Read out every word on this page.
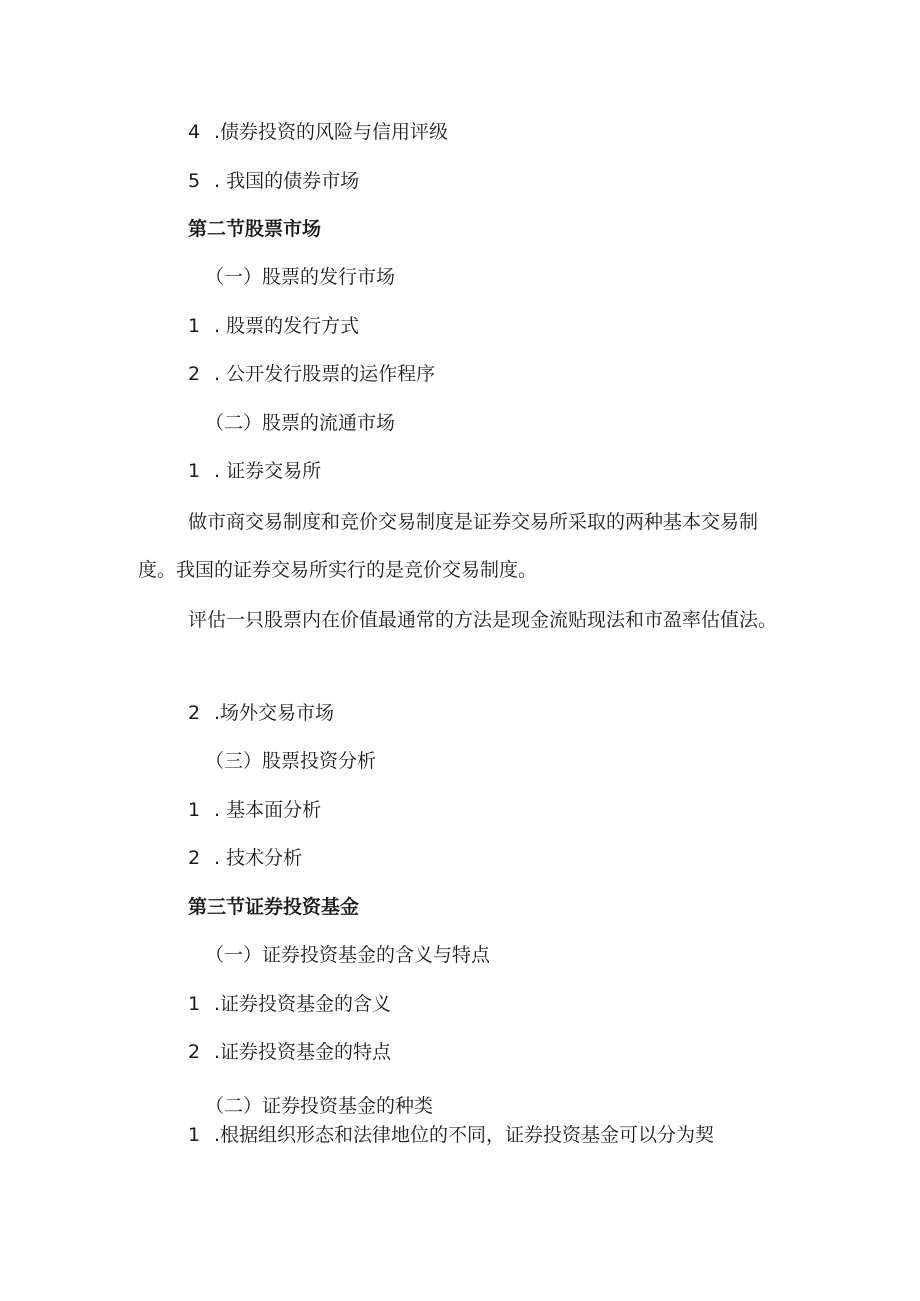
4 .债券投资的风险与信用评级
5 . 我国的债券市场
第二节股票市场
（一）股票的发行市场
1 . 股票的发行方式
2 . 公开发行股票的运作程序
（二）股票的流通市场
1 . 证券交易所
做市商交易制度和竞价交易制度是证券交易所采取的两种基本交易制度。我国的证券交易所实行的是竞价交易制度。
评估一只股票内在价值最通常的方法是现金流贴现法和市盈率估值法。
2 .场外交易市场
（三）股票投资分析
1 . 基本面分析
2 . 技术分析
第三节证券投资基金
（一）证券投资基金的含义与特点
1 .证券投资基金的含义
2 .证券投资基金的特点
（二）证券投资基金的种类
1 .根据组织形态和法律地位的不同，证券投资基金可以分为契
